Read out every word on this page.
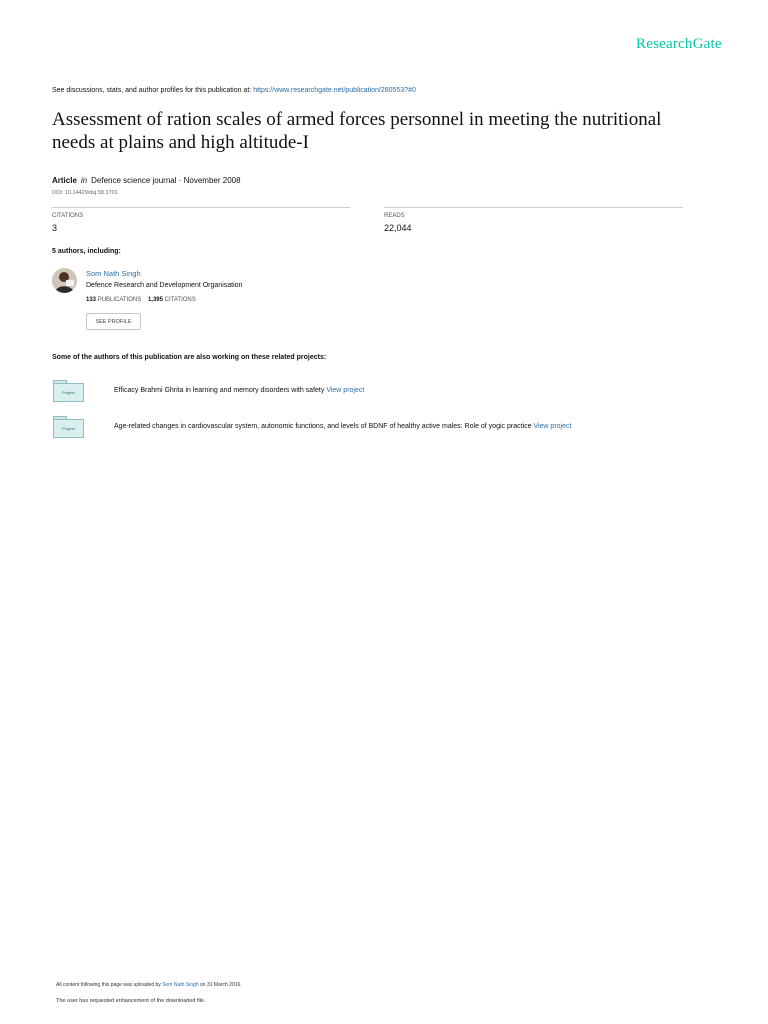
ResearchGate
See discussions, stats, and author profiles for this publication at: https://www.researchgate.net/publication/280553?#0
Assessment of ration scales of armed forces personnel in meeting the nutritional needs at plains and high altitude-I
Article in Defence science journal · November 2008
DOI: 10.14429/dsj.58.1701
CITATIONS
3
READS
22,044
5 authors, including:
Som Nath Singh
Defence Research and Development Organisation
133 PUBLICATIONS 1,395 CITATIONS
SEE PROFILE
Some of the authors of this publication are also working on these related projects:
Project	Efficacy Brahmi Ghrita in learning and memory disorders with safety View project
Project	Age-related changes in cardiovascular system, autonomic functions, and levels of BDNF of healthy active males: Role of yogic practice View project
All content following this page was uploaded by Som Nath Singh on 31 March 2016.
The user has requested enhancement of the downloaded file.
